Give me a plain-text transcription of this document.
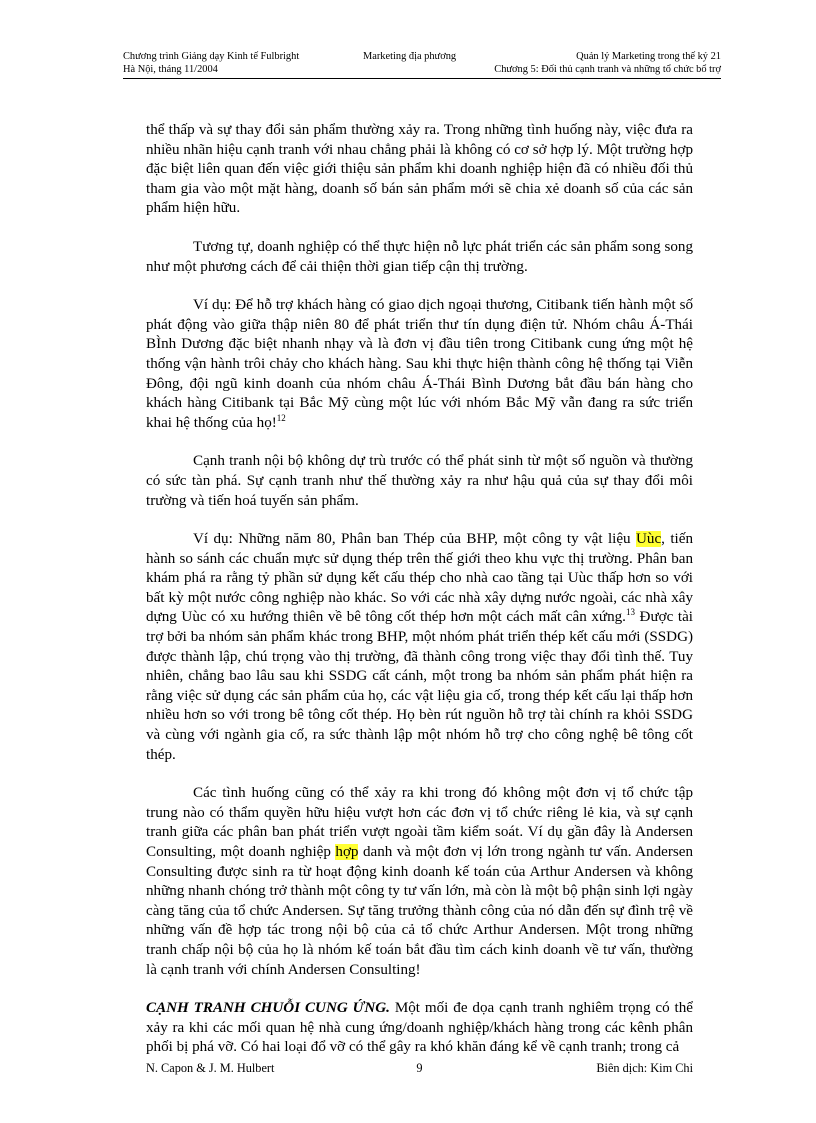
Chương trình Giảng dạy Kinh tế Fulbright	Marketing địa phương	Quản lý Marketing trong thế kỷ 21
Hà Nội, tháng 11/2004	Chương 5: Đối thủ cạnh tranh và những tổ chức bổ trợ

thể thấp và sự thay đổi sản phẩm thường xảy ra. Trong những tình huống này, việc đưa ra nhiều nhãn hiệu cạnh tranh với nhau chẳng phải là không có cơ sở hợp lý. Một trường hợp đặc biệt liên quan đến việc giới thiệu sản phẩm khi doanh nghiệp hiện đã có nhiều đối thủ tham gia vào một mặt hàng, doanh số bán sản phẩm mới sẽ chia xẻ doanh số của các sản phẩm hiện hữu.

Tương tự, doanh nghiệp có thể thực hiện nỗ lực phát triển các sản phẩm song song như một phương cách để cải thiện thời gian tiếp cận thị trường.

Ví dụ: Để hỗ trợ khách hàng có giao dịch ngoại thương, Citibank tiến hành một số phát động vào giữa thập niên 80 để phát triển thư tín dụng điện tử. Nhóm châu Á-Thái BÌnh Dương đặc biệt nhanh nhạy và là đơn vị đầu tiên trong Citibank cung ứng một hệ thống vận hành trôi chảy cho khách hàng. Sau khi thực hiện thành công hệ thống tại Viễn Đông, đội ngũ kinh doanh của nhóm châu Á-Thái Bình Dương bắt đầu bán hàng cho khách hàng Citibank tại Bắc Mỹ cùng một lúc với nhóm Bắc Mỹ vẫn đang ra sức triển khai hệ thống của họ!$^{12}$

Cạnh tranh nội bộ không dự trù trước có thể phát sinh từ một số nguồn và thường có sức tàn phá. Sự cạnh tranh như thế thường xảy ra như hậu quả của sự thay đổi môi trường và tiến hoá tuyến sản phẩm.

Ví dụ: Những năm 80, Phân ban Thép của BHP, một công ty vật liệu Uùc, tiến hành so sánh các chuẩn mực sử dụng thép trên thế giới theo khu vực thị trường. Phân ban khám phá ra rằng tỷ phần sử dụng kết cấu thép cho nhà cao tầng tại Uùc thấp hơn so với bất kỳ một nước công nghiệp nào khác. So với các nhà xây dựng nước ngoài, các nhà xây dựng Uùc có xu hướng thiên về bê tông cốt thép hơn một cách mất cân xứng.$^{13}$ Được tài trợ bởi ba nhóm sản phẩm khác trong BHP, một nhóm phát triển thép kết cấu mới (SSDG) được thành lập, chú trọng vào thị trường, đã thành công trong việc thay đổi tình thế. Tuy nhiên, chẳng bao lâu sau khi SSDG cất cánh, một trong ba nhóm sản phẩm phát hiện ra rằng việc sử dụng các sản phẩm của họ, các vật liệu gia cố, trong thép kết cấu lại thấp hơn nhiều hơn so với trong bê tông cốt thép. Họ bèn rút nguồn hỗ trợ tài chính ra khỏi SSDG và cùng với ngành gia cố, ra sức thành lập một nhóm hỗ trợ cho công nghệ bê tông cốt thép.

Các tình huống cũng có thể xảy ra khi trong đó không một đơn vị tổ chức tập trung nào có thẩm quyền hữu hiệu vượt hơn các đơn vị tổ chức riêng lẻ kia, và sự cạnh tranh giữa các phân ban phát triển vượt ngoài tầm kiểm soát. Ví dụ gần đây là Andersen Consulting, một doanh nghiệp hợp danh và một đơn vị lớn trong ngành tư vấn. Andersen Consulting được sinh ra từ hoạt động kinh doanh kế toán của Arthur Andersen và không những nhanh chóng trở thành một công ty tư vấn lớn, mà còn là một bộ phận sinh lợi ngày càng tăng của tổ chức Andersen. Sự tăng trưởng thành công của nó dẫn đến sự đình trệ về những vấn đề hợp tác trong nội bộ của cả tổ chức Arthur Andersen. Một trong những tranh chấp nội bộ của họ là nhóm kế toán bắt đầu tìm cách kinh doanh về tư vấn, thường là cạnh tranh với chính Andersen Consulting!

CẠNH TRANH CHUỖI CUNG ỨNG. Một mối đe dọa cạnh tranh nghiêm trọng có thể xảy ra khi các mối quan hệ nhà cung ứng/doanh nghiệp/khách hàng trong các kênh phân phối bị phá vỡ. Có hai loại đổ vỡ có thể gây ra khó khăn đáng kể về cạnh tranh; trong cả

N. Capon & J. M. Hulbert	9	Biên dịch: Kim Chi
